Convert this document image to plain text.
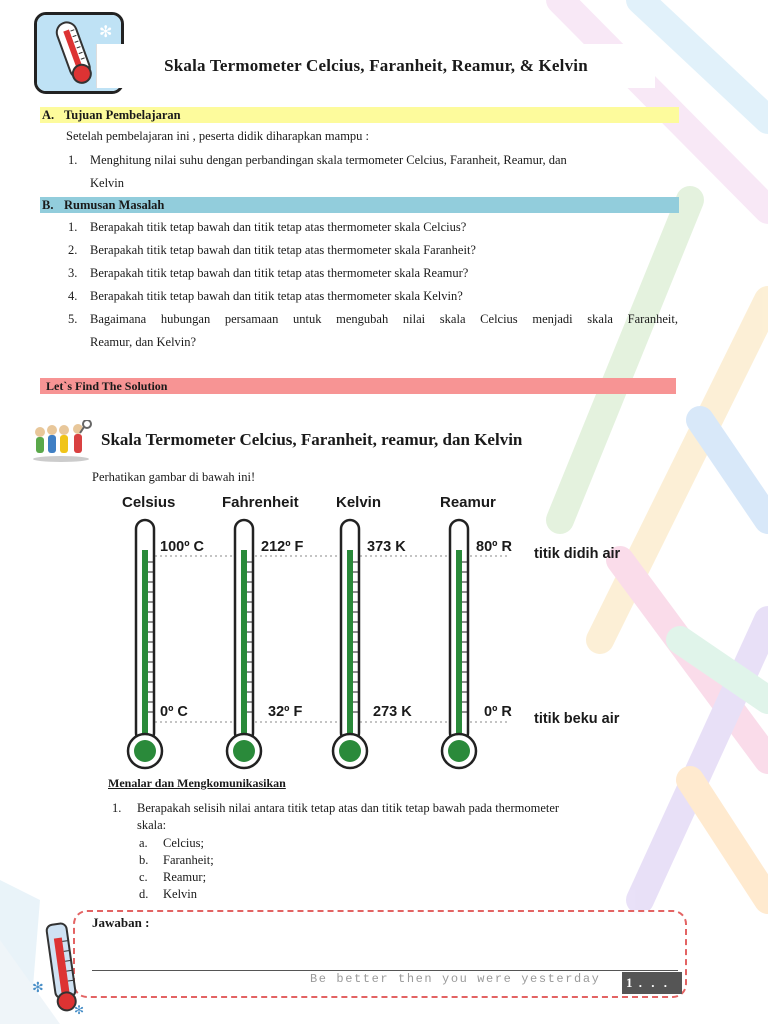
✻
Skala Termometer Celcius, Faranheit, Reamur, & Kelvin
A. Tujuan Pembelajaran
Setelah pembelajaran ini , peserta didik diharapkan mampu :
1.	Menghitung nilai suhu dengan perbandingan skala termometer Celcius, Faranheit, Reamur, dan
Kelvin
B. Rumusan Masalah
1.	Berapakah titik tetap bawah dan titik tetap atas thermometer skala Celcius?
2.	Berapakah titik tetap bawah dan titik tetap atas thermometer skala Faranheit?
3.	Berapakah titik tetap bawah dan titik tetap atas thermometer skala Reamur?
4.	Berapakah titik tetap bawah dan titik tetap atas thermometer skala Kelvin?
5.	Bagaimana hubungan persamaan untuk mengubah nilai skala Celcius menjadi skala Faranheit,
Reamur, dan Kelvin?
Let`s Find The Solution
Skala Termometer Celcius, Faranheit, reamur, dan Kelvin
Perhatikan gambar di bawah ini!
Celsius	Fahrenheit Kelvin	Reamur
100º C	212º F	373 K	80º R titik didih air
0º C	32º F	273 K	0º R titik beku air
Menalar dan Mengkomunikasikan
1. Berapakah selisih nilai antara titik tetap atas dan titik tetap bawah pada thermometer
skala:
a. Celcius;
b. Faranheit;
c. Reamur;
d. Kelvin
Jawaban :
✻
✻
Be better then you were yesterday	1 . . .
